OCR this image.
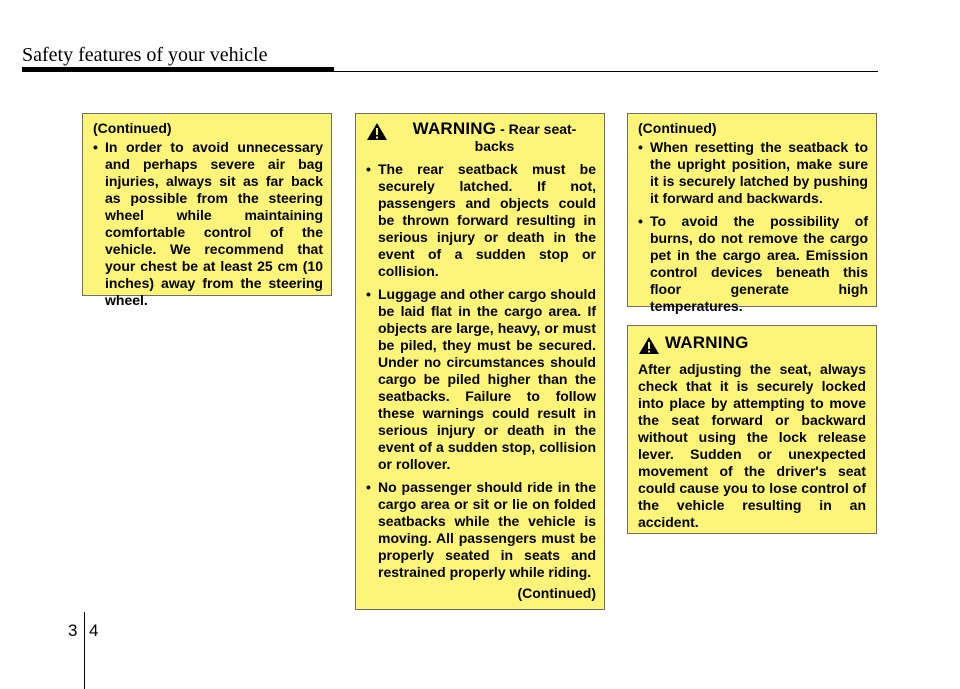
Safety features of your vehicle

(Continued)

• In order to avoid unnecessary and perhaps severe air bag injuries, always sit as far back as possible from the steering wheel while maintaining comfortable control of the vehicle. We recommend that your chest be at least 25 cm (10 inches) away from the steering wheel.
WARNING - Rear seat-backs
• The rear seatback must be securely latched. If not, passengers and objects could be thrown forward resulting in serious injury or death in the event of a sudden stop or collision.
• Luggage and other cargo should be laid flat in the cargo area. If objects are large, heavy, or must be piled, they must be secured. Under no circumstances should cargo be piled higher than the seatbacks. Failure to follow these warnings could result in serious injury or death in the event of a sudden stop, collision or rollover.
• No passenger should ride in the cargo area or sit or lie on folded seatbacks while the vehicle is moving. All passengers must be properly seated in seats and restrained properly while riding.

(Continued)

(Continued)

• When resetting the seatback to the upright position, make sure it is securely latched by pushing it forward and backwards.
• To avoid the possibility of burns, do not remove the cargo pet in the cargo area. Emission control devices beneath this floor generate high temperatures.
WARNING

After adjusting the seat, always check that it is securely locked into place by attempting to move the seat forward or backward without using the lock release lever. Sudden or unexpected movement of the driver's seat could cause you to lose control of the vehicle resulting in an accident.

3 4
